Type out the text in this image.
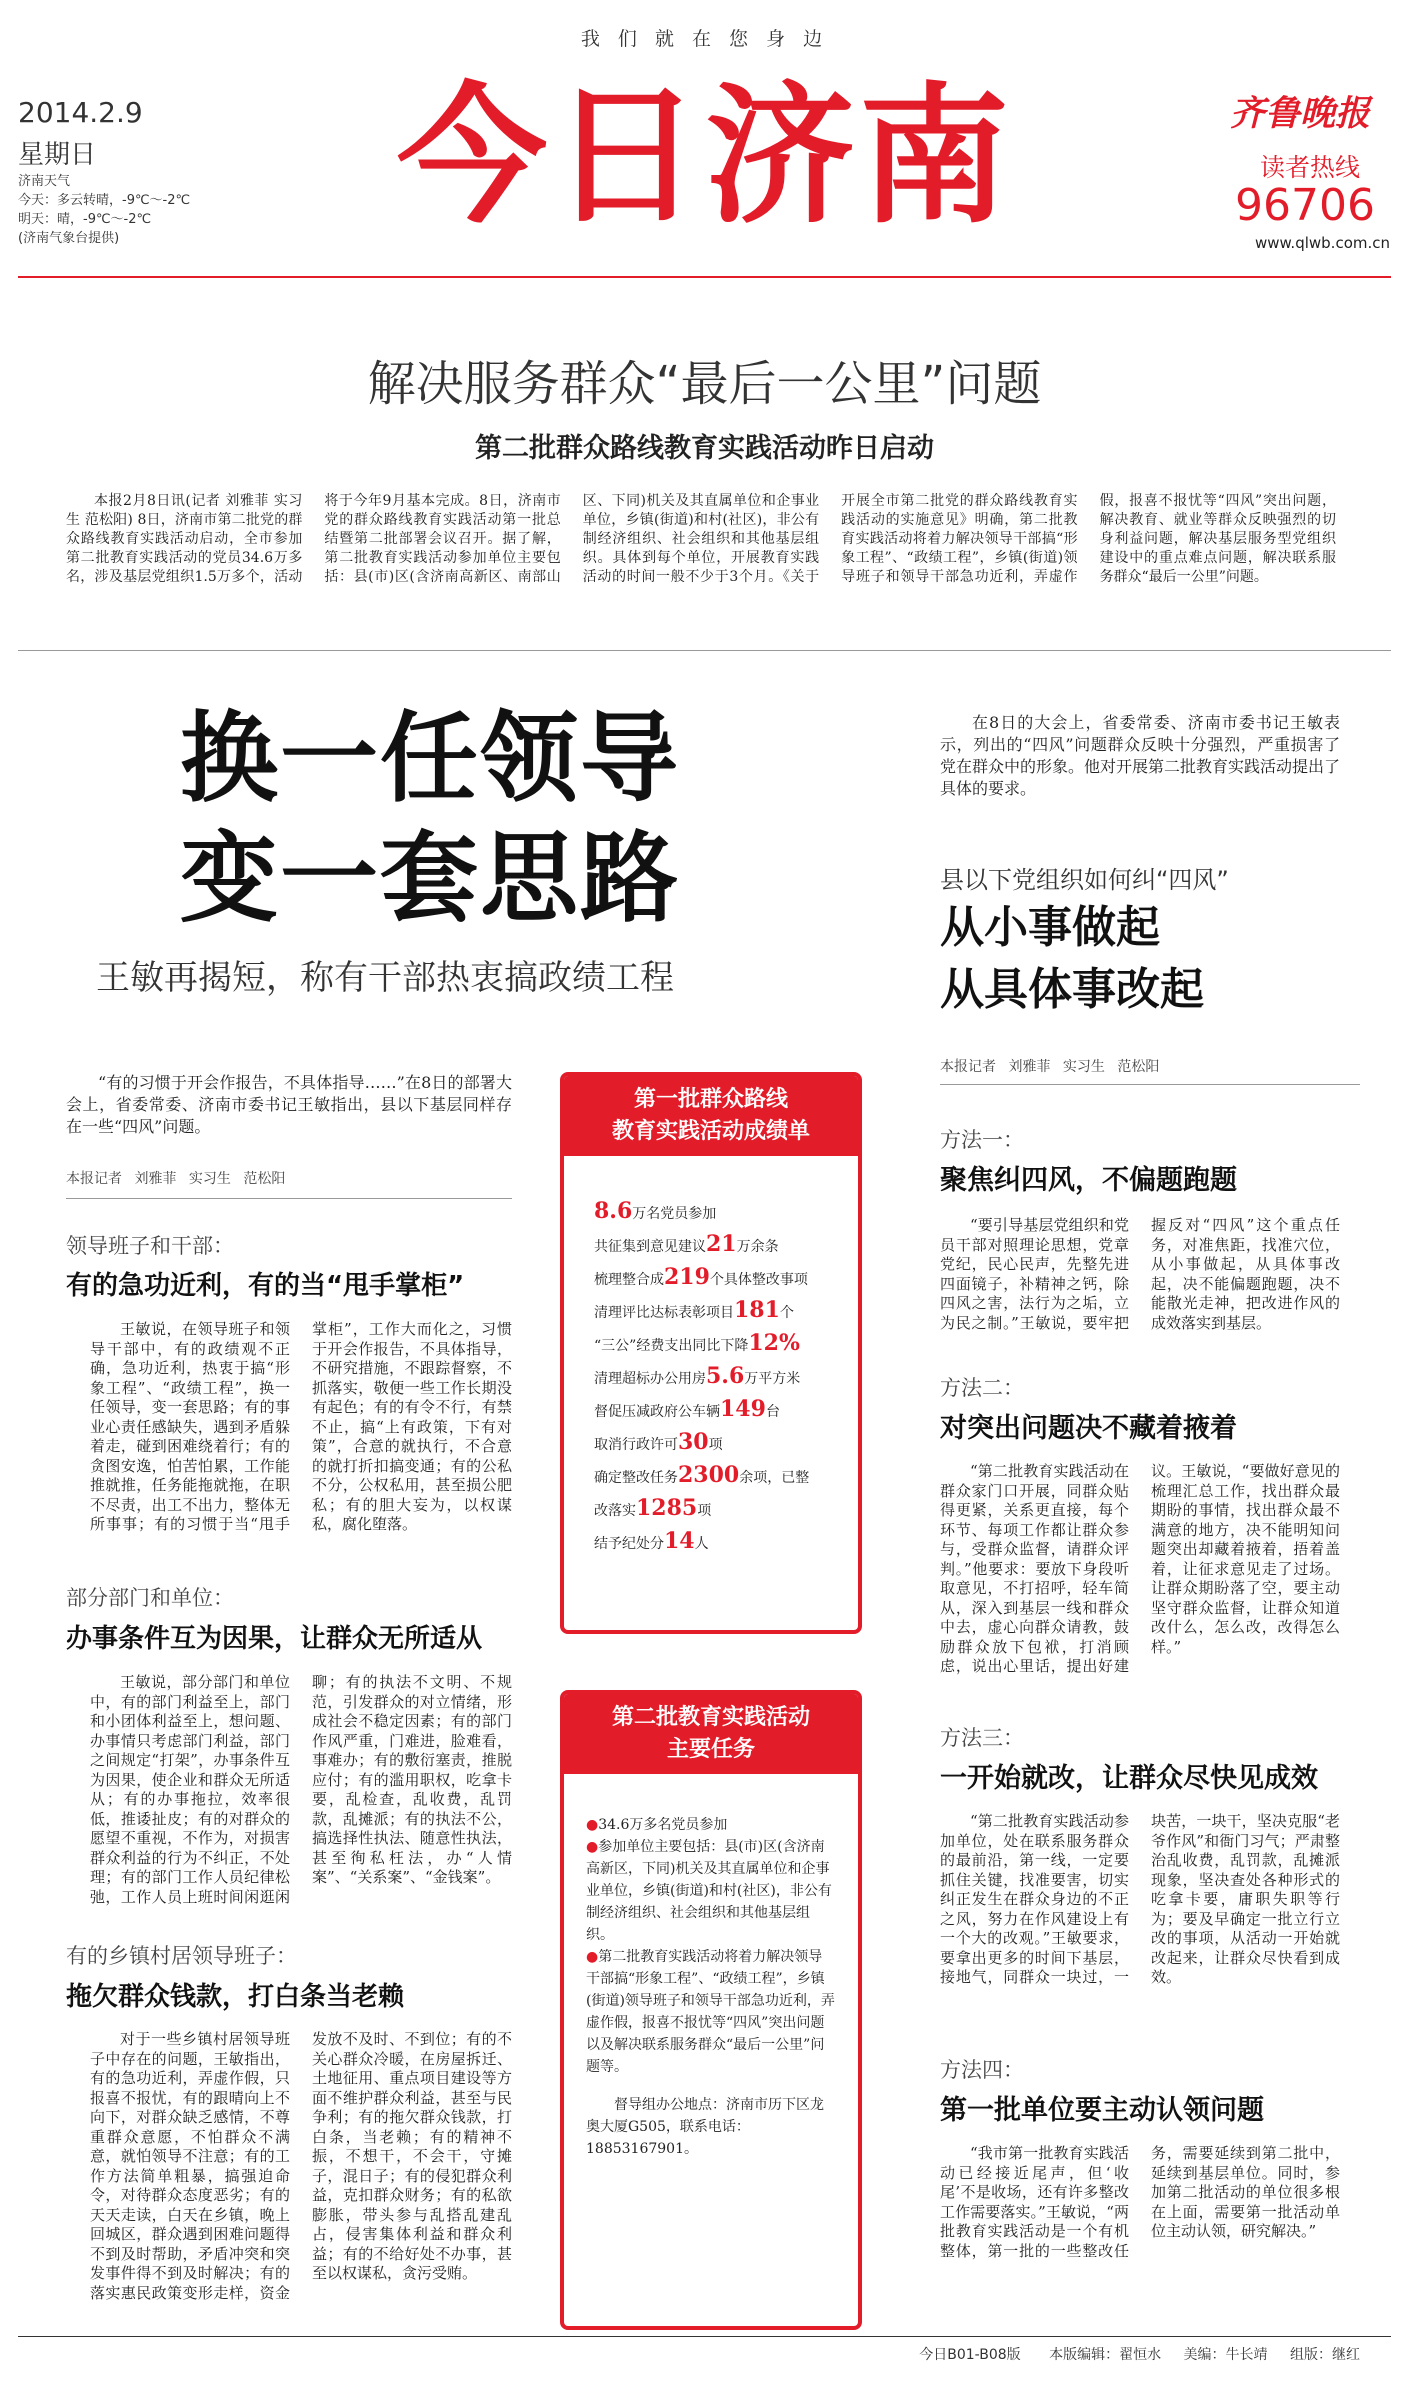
我 们 就 在 您 身 边
2014.2.9
星期日
济南天气
今天：多云转晴，-9℃～-2℃
明天：晴，-9℃～-2℃
(济南气象台提供)	今日济南	齐鲁晚报
读者热线
96706
www.qlwb.com.cn
解决服务群众“最后一公里”问题
第二批群众路线教育实践活动昨日启动
本报2月8日讯(记者 刘雅菲 实习生 范松阳) 8日，济南市第二批党的群众路线教育实践活动启动，全市参加第二批教育实践活动的党员34.6万多名，涉及基层党组织1.5万多个，活动将于今年9月基本完成。8日，济南市党的群众路线教育实践活动第一批总结暨第二批部署会议召开。据了解，第二批教育实践活动参加单位主要包括：县(市)区(含济南高新区、南部山区、下同)机关及其直属单位和企事业单位，乡镇(街道)和村(社区)，非公有制经济组织、社会组织和其他基层组织。具体到每个单位，开展教育实践活动的时间一般不少于3个月。《关于开展全市第二批党的群众路线教育实践活动的实施意见》明确，第二批教育实践活动将着力解决领导干部搞“形象工程”、“政绩工程”，乡镇(街道)领导班子和领导干部急功近利，弄虚作假，报喜不报忧等“四风”突出问题，解决教育、就业等群众反映强烈的切身利益问题，解决基层服务型党组织建设中的重点难点问题，解决联系服务群众“最后一公里”问题。
换一任领导
变一套思路
王敏再揭短，称有干部热衷搞政绩工程
“有的习惯于开会作报告，不具体指导……”在8日的部署大会上，省委常委、济南市委书记王敏指出，县以下基层同样存在一些“四风”问题。
本报记者 刘雅菲 实习生 范松阳
领导班子和干部：
有的急功近利，有的当“甩手掌柜”
王敏说，在领导班子和领导干部中，有的政绩观不正确，急功近利，热衷于搞“形象工程”、“政绩工程”，换一任领导，变一套思路；有的事业心责任感缺失，遇到矛盾躲着走，碰到困难绕着行；有的贪图安逸，怕苦怕累，工作能推就推，任务能拖就拖，在职不尽责，出工不出力，整体无所事事；有的习惯于当“甩手掌柜”，工作大而化之，习惯于开会作报告，不具体指导，不研究措施，不跟踪督察，不抓落实，敬便一些工作长期没有起色；有的有令不行，有禁不止，搞“上有政策，下有对策”，合意的就执行，不合意的就打折扣搞变通；有的公私不分，公权私用，甚至损公肥私；有的胆大妄为，以权谋私，腐化堕落。
部分部门和单位：
办事条件互为因果，让群众无所适从
王敏说，部分部门和单位中，有的部门利益至上，部门和小团体利益至上，想问题、办事情只考虑部门利益，部门之间规定“打架”，办事条件互为因果，使企业和群众无所适从；有的办事拖拉，效率很低，推诿扯皮；有的对群众的愿望不重视，不作为，对损害群众利益的行为不纠正，不处理；有的部门工作人员纪律松弛，工作人员上班时间闲逛闲聊；有的执法不文明、不规范，引发群众的对立情绪，形成社会不稳定因素；有的部门作风严重，门难进，脸难看，事难办；有的敷衍塞责，推脱应付；有的滥用职权，吃拿卡要，乱检查，乱收费，乱罚款，乱摊派；有的执法不公，搞选择性执法、随意性执法，甚至徇私枉法，办“人情案”、“关系案”、“金钱案”。
有的乡镇村居领导班子：
拖欠群众钱款，打白条当老赖
对于一些乡镇村居领导班子中存在的问题，王敏指出，有的急功近利，弄虚作假，只报喜不报忧，有的跟晴向上不向下，对群众缺乏感情，不尊重群众意愿，不怕群众不满意，就怕领导不注意；有的工作方法简单粗暴，搞强迫命令，对待群众态度恶劣；有的天天走读，白天在乡镇，晚上回城区，群众遇到困难问题得不到及时帮助，矛盾冲突和突发事件得不到及时解决；有的落实惠民政策变形走样，资金发放不及时、不到位；有的不关心群众冷暖，在房屋拆迁、土地征用、重点项目建设等方面不维护群众利益，甚至与民争利；有的拖欠群众钱款，打白条，当老赖；有的精神不振，不想干，不会干，守摊子，混日子；有的侵犯群众利益，克扣群众财务；有的私欲膨胀，带头参与乱搭乱建乱占，侵害集体利益和群众利益；有的不给好处不办事，甚至以权谋私，贪污受贿。
第一批群众路线
教育实践活动成绩单
8.6万名党员参加
共征集到意见建议21万余条
梳理整合成219个具体整改事项
清理评比达标表彰项目181个
“三公”经费支出同比下降12%
清理超标办公用房5.6万平方米
督促压减政府公车辆149台
取消行政许可30项
确定整改任务2300余项，已整
改落实1285项
结予纪处分14人
第二批教育实践活动
主要任务
●34.6万多名党员参加
●参加单位主要包括：县(市)区(含济南高新区，下同)机关及其直属单位和企事业单位，乡镇(街道)和村(社区)，非公有制经济组织、社会组织和其他基层组织。
●第二批教育实践活动将着力解决领导干部搞“形象工程”、“政绩工程”，乡镇(街道)领导班子和领导干部急功近利，弄虚作假，报喜不报忧等“四风”突出问题以及解决联系服务群众“最后一公里”问题等。
督导组办公地点：济南市历下区龙奥大厦G505，联系电话：18853167901。
在8日的大会上，省委常委、济南市委书记王敏表示，列出的“四风”问题群众反映十分强烈，严重损害了党在群众中的形象。他对开展第二批教育实践活动提出了具体的要求。
县以下党组织如何纠“四风”
从小事做起
从具体事改起
本报记者 刘雅菲 实习生 范松阳
方法一：
聚焦纠四风，不偏题跑题
“要引导基层党组织和党员干部对照理论思想，党章党纪，民心民声，先整先进四面镜子，补精神之钙，除四风之害，法行为之垢，立为民之制。”王敏说，要牢把握反对“四风”这个重点任务，对准焦距，找准穴位，从小事做起，从具体事改起，决不能偏题跑题，决不能散光走神，把改进作风的成效落实到基层。
方法二：
对突出问题决不藏着掖着
“第二批教育实践活动在群众家门口开展，同群众贴得更紧，关系更直接，每个环节、每项工作都让群众参与，受群众监督，请群众评判。”他要求：要放下身段听取意见，不打招呼，轻车简从，深入到基层一线和群众中去，虚心向群众请教，鼓励群众放下包袱，打消顾虑，说出心里话，提出好建议。王敏说，“要做好意见的梳理汇总工作，找出群众最期盼的事情，找出群众最不满意的地方，决不能明知问题突出却藏着掖着，捂着盖着，让征求意见走了过场。让群众期盼落了空，要主动坚守群众监督，让群众知道改什么，怎么改，改得怎么样。”
方法三：
一开始就改，让群众尽快见成效
“第二批教育实践活动参加单位，处在联系服务群众的最前沿，第一线，一定要抓住关键，找准要害，切实纠正发生在群众身边的不正之风，努力在作风建设上有一个大的改观。”王敏要求，要拿出更多的时间下基层，接地气，同群众一块过，一块苦，一块干，坚决克服“老爷作风”和衙门习气；严肃整治乱收费，乱罚款，乱摊派现象，坚决查处各种形式的吃拿卡要，庸职失职等行为；要及早确定一批立行立改的事项，从活动一开始就改起来，让群众尽快看到成效。
方法四：
第一批单位要主动认领问题
“我市第一批教育实践活动已经接近尾声，但‘收尾’不是收场，还有许多整改工作需要落实。”王敏说，“两批教育实践活动是一个有机整体，第一批的一些整改任务，需要延续到第二批中，延续到基层单位。同时，参加第二批活动的单位很多根在上面，需要第一批活动单位主动认领，研究解决。”
今日B01-B08版 本版编辑：翟恒水 美编：牛长靖 组版：继红
